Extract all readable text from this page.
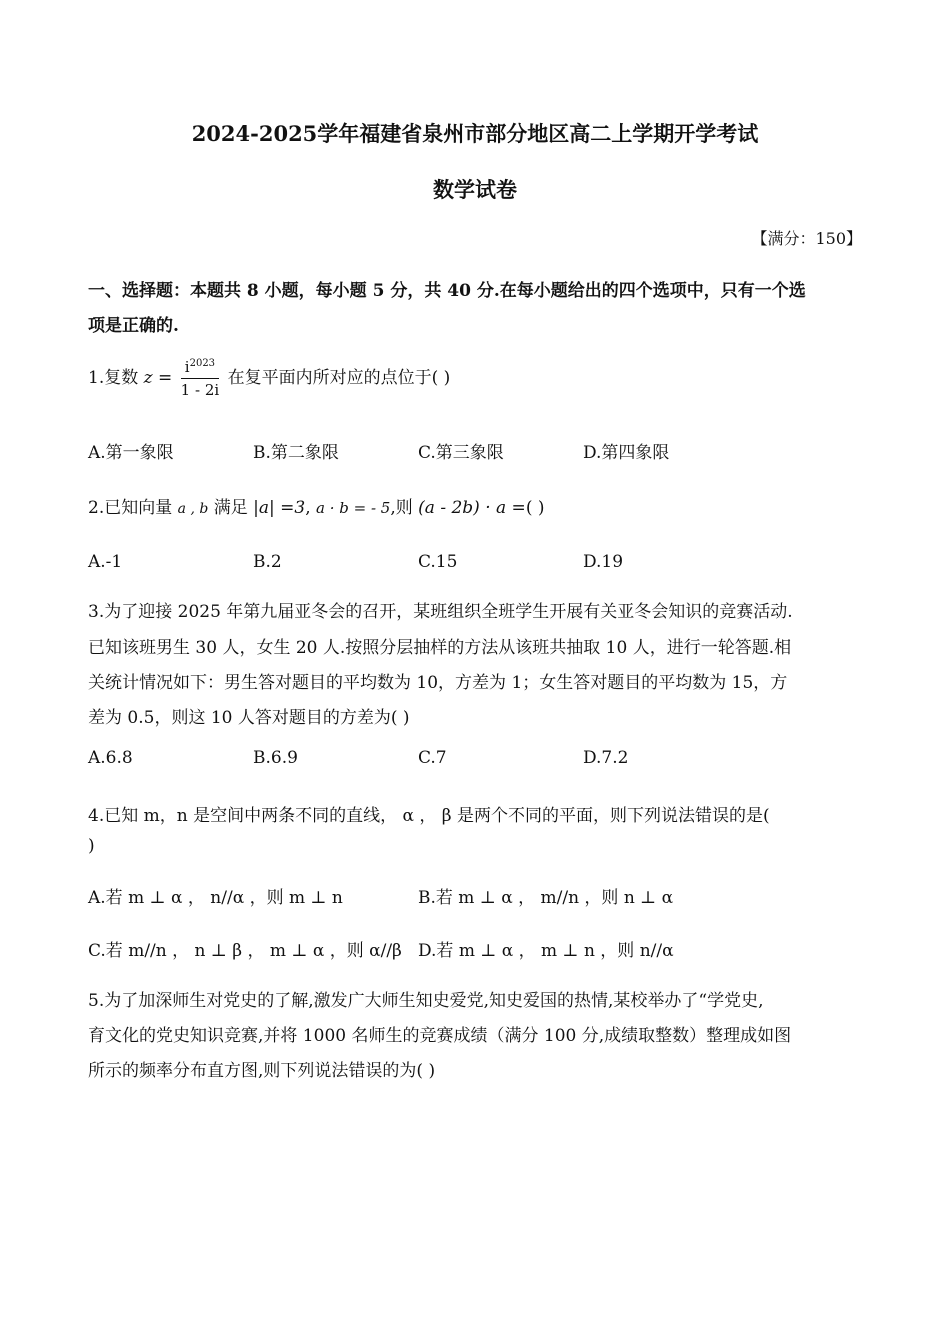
2024-2025学年福建省泉州市部分地区高二上学期开学考试
数学试卷
【满分：150】
一、选择题：本题共 8 小题，每小题 5 分，共 40 分.在每小题给出的四个选项中，只有一个选
项是正确的.
1.复数 $z = \frac{i^{2023}}{1 - 2i}$ 在复平面内所对应的点位于( )
A.第一象限	B.第二象限	C.第三象限	D.第四象限
2.已知向量 a , b 满足 |a| =3, a · b = - 5,则 (a - 2b) · a =( )
A.-1	B.2	C.15	D.19
3.为了迎接 2025 年第九届亚冬会的召开，某班组织全班学生开展有关亚冬会知识的竞赛活动.
已知该班男生 30 人，女生 20 人.按照分层抽样的方法从该班共抽取 10 人，进行一轮答题.相
关统计情况如下：男生答对题目的平均数为 10，方差为 1；女生答对题目的平均数为 15，方
差为 0.5，则这 10 人答对题目的方差为( )
A.6.8	B.6.9	C.7	D.7.2
4.已知 m，n 是空间中两条不同的直线， α ， β 是两个不同的平面，则下列说法错误的是(
)
A.若 m ⊥ α ， n//α ，则 m ⊥ n	B.若 m ⊥ α ， m//n ，则 n ⊥ α
C.若 m//n ， n ⊥ β ， m ⊥ α ，则 α//β D.若 m ⊥ α ， m ⊥ n ，则 n//α
5.为了加深师生对党史的了解,激发广大师生知史爱党,知史爱国的热情,某校举办了“学党史,
育文化的党史知识竞赛,并将 1000 名师生的竞赛成绩（满分 100 分,成绩取整数）整理成如图
所示的频率分布直方图,则下列说法错误的为( )
